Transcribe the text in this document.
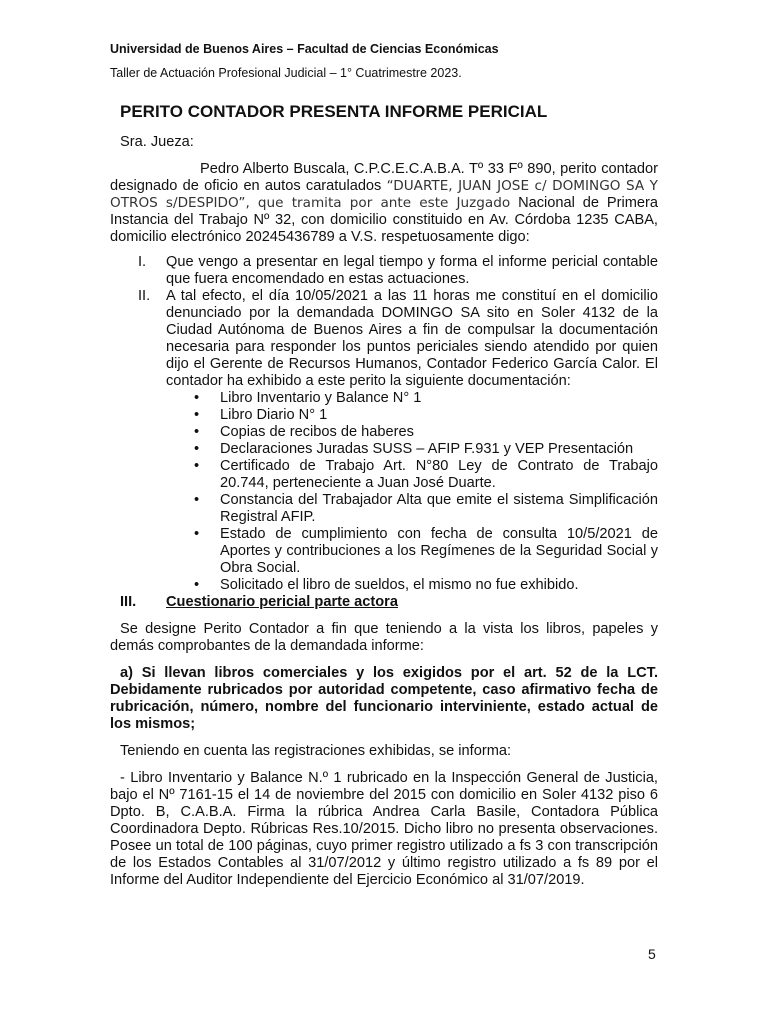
Universidad de Buenos Aires – Facultad de Ciencias Económicas
Taller de Actuación Profesional Judicial – 1° Cuatrimestre 2023.
PERITO CONTADOR PRESENTA INFORME PERICIAL

Sra. Jueza:

Pedro Alberto Buscala, C.P.C.E.C.A.B.A. Tº 33 Fº 890, perito contador designado de oficio en autos caratulados “DUARTE, JUAN JOSE c/ DOMINGO SA Y OTROS s/DESPIDO”, que tramita por ante este Juzgado Nacional de Primera Instancia del Trabajo Nº 32, con domicilio constituido en Av. Córdoba 1235 CABA, domicilio electrónico 20245436789 a V.S. respetuosamente digo:

I.	Que vengo a presentar en legal tiempo y forma el informe pericial contable que fuera encomendado en estas actuaciones.
II.	A tal efecto, el día 10/05/2021 a las 11 horas me constituí en el domicilio denunciado por la demandada DOMINGO SA sito en Soler 4132 de la Ciudad Autónoma de Buenos Aires a fin de compulsar la documentación necesaria para responder los puntos periciales siendo atendido por quien dijo el Gerente de Recursos Humanos, Contador Federico García Calor. El contador ha exhibido a este perito la siguiente documentación:
• Libro Inventario y Balance N° 1
• Libro Diario N° 1
• Copias de recibos de haberes
• Declaraciones Juradas SUSS – AFIP F.931 y VEP Presentación
• Certificado de Trabajo Art. N°80 Ley de Contrato de Trabajo 20.744, perteneciente a Juan José Duarte.
• Constancia del Trabajador Alta que emite el sistema Simplificación Registral AFIP.
• Estado de cumplimiento con fecha de consulta 10/5/2021 de Aportes y contribuciones a los Regímenes de la Seguridad Social y Obra Social.
• Solicitado el libro de sueldos, el mismo no fue exhibido.
III.	Cuestionario pericial parte actora

Se designe Perito Contador a fin que teniendo a la vista los libros, papeles y demás comprobantes de la demandada informe:

a) Si llevan libros comerciales y los exigidos por el art. 52 de la LCT. Debidamente rubricados por autoridad competente, caso afirmativo fecha de rubricación, número, nombre del funcionario interviniente, estado actual de los mismos;

Teniendo en cuenta las registraciones exhibidas, se informa:

- Libro Inventario y Balance N.º 1 rubricado en la Inspección General de Justicia, bajo el Nº 7161-15 el 14 de noviembre del 2015 con domicilio en Soler 4132 piso 6 Dpto. B, C.A.B.A. Firma la rúbrica Andrea Carla Basile, Contadora Pública Coordinadora Depto. Rúbricas Res.10/2015. Dicho libro no presenta observaciones. Posee un total de 100 páginas, cuyo primer registro utilizado a fs 3 con transcripción de los Estados Contables al 31/07/2012 y último registro utilizado a fs 89 por el Informe del Auditor Independiente del Ejercicio Económico al 31/07/2019.

5
